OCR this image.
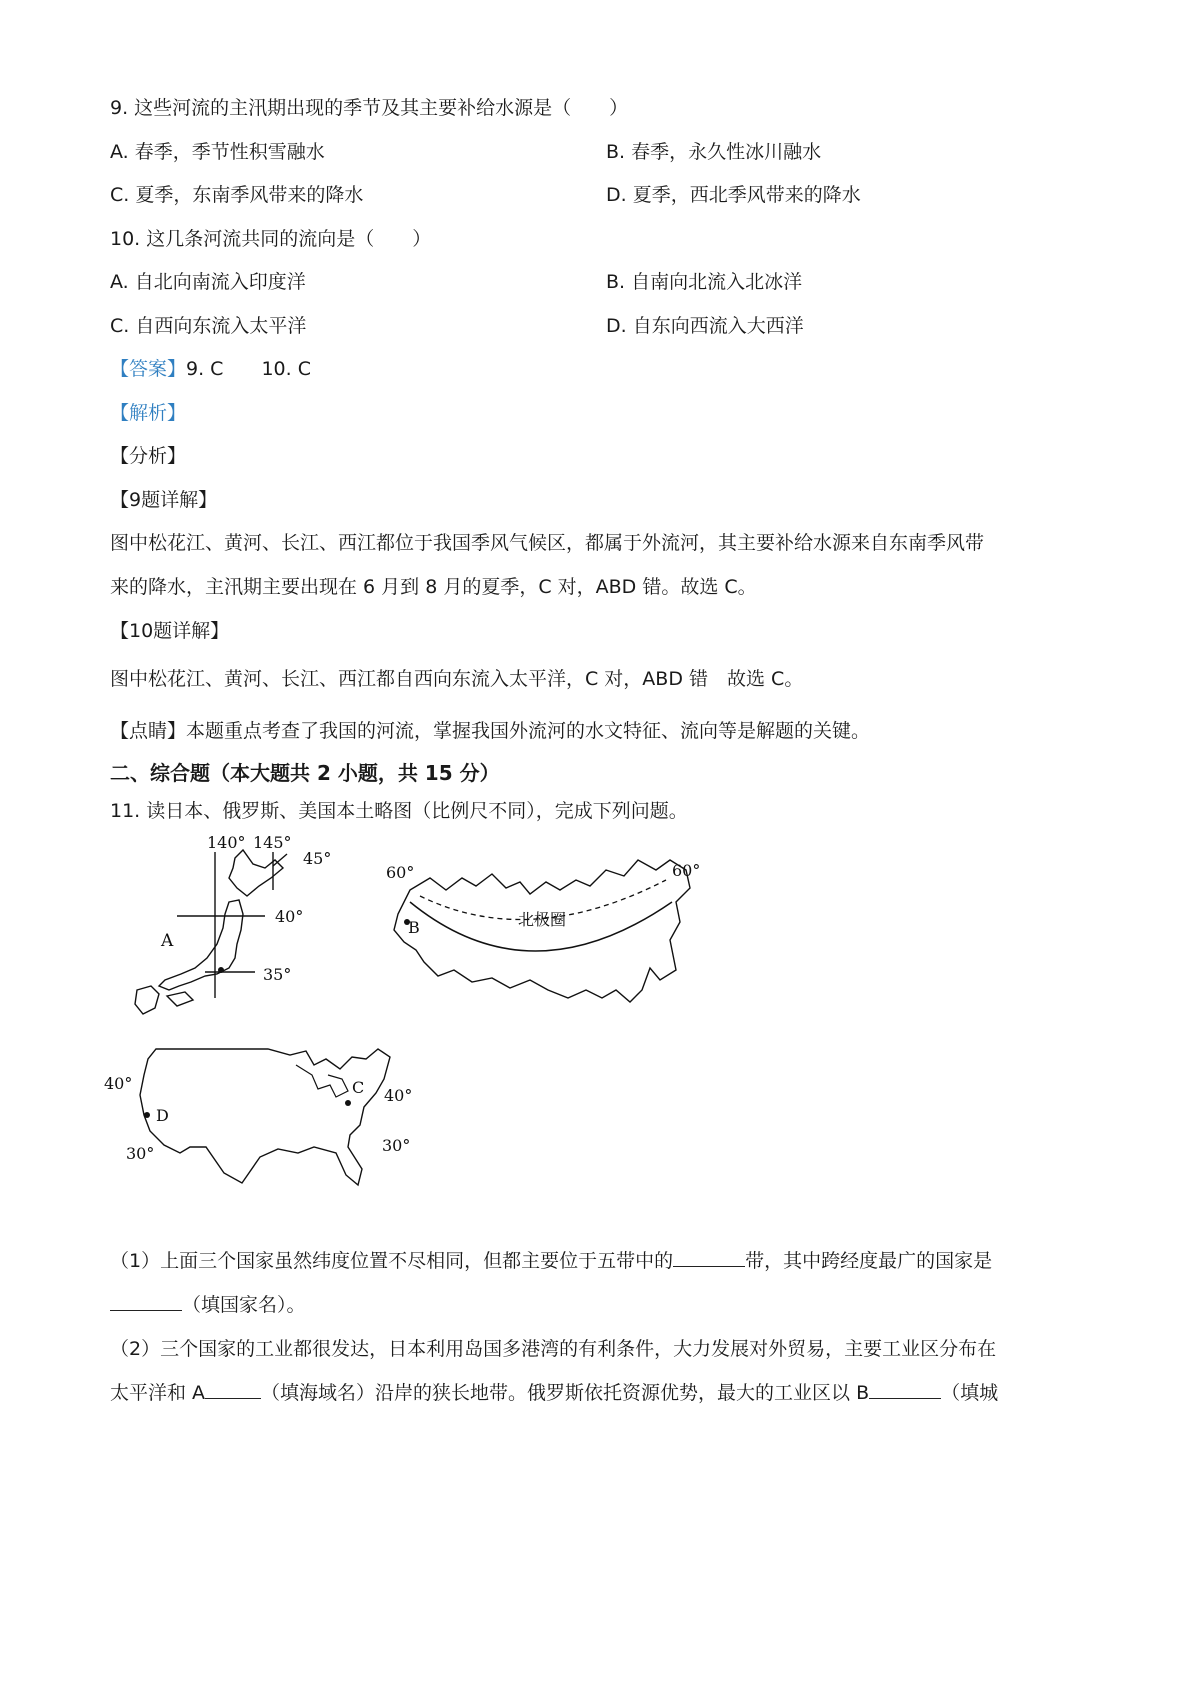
9. 这些河流的主汛期出现的季节及其主要补给水源是（　　）
A. 春季，季节性积雪融水	B. 春季，永久性冰川融水
C. 夏季，东南季风带来的降水	D. 夏季，西北季风带来的降水
10. 这几条河流共同的流向是（　　）
A. 自北向南流入印度洋	B. 自南向北流入北冰洋
C. 自西向东流入太平洋	D. 自东向西流入大西洋
【答案】9. C　　10. C
【解析】
【分析】
【9题详解】
图中松花江、黄河、长江、西江都位于我国季风气候区，都属于外流河，其主要补给水源来自东南季风带
来的降水，主汛期主要出现在 6 月到 8 月的夏季，C 对，ABD 错。故选 C。
【10题详解】
图中松花江、黄河、长江、西江都自西向东流入太平洋，C 对，ABD 错　故选 C。
【点睛】本题重点考查了我国的河流，掌握我国外流河的水文特征、流向等是解题的关键。
二、综合题（本大题共 2 小题，共 15 分）
11. 读日本、俄罗斯、美国本土略图（比例尺不同），完成下列问题。
140° 145°
45°
40°
35°
A
60°	60°
北极圈
B
40°
30°
40°
30°
C
D
（1）上面三个国家虽然纬度位置不尽相同，但都主要位于五带中的	带，其中跨经度最广的国家是
（填国家名）。
（2）三个国家的工业都很发达，日本利用岛国多港湾的有利条件，大力发展对外贸易，主要工业区分布在
太平洋和 A	（填海域名）沿岸的狭长地带。俄罗斯依托资源优势，最大的工业区以 B	（填城
